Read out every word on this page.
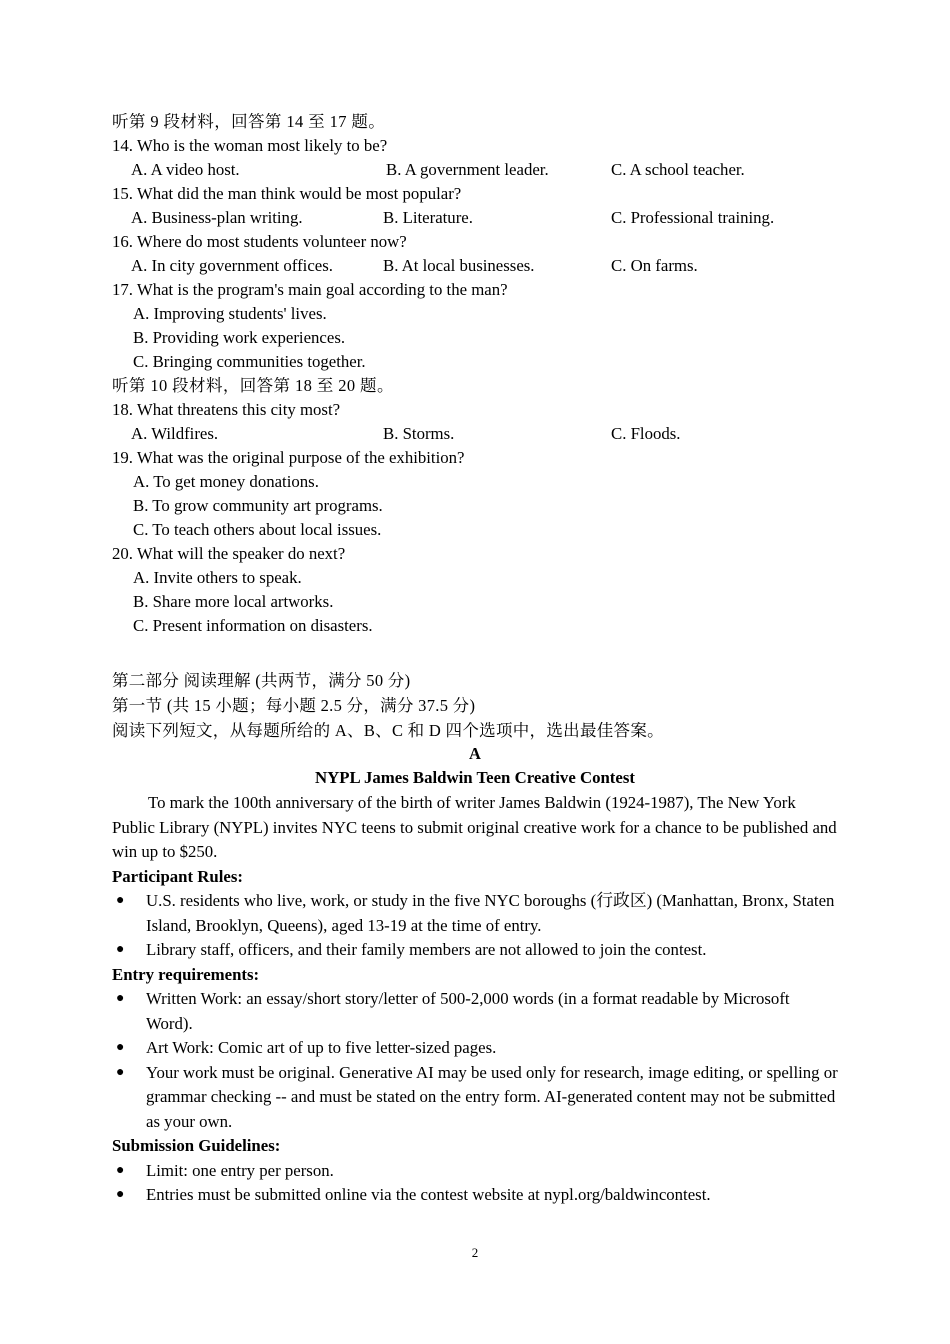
听第 9 段材料，回答第 14 至 17 题。
14. Who is the woman most likely to be?
A. A video host.	B. A government leader.	C. A school teacher.
15. What did the man think would be most popular?
A. Business-plan writing.	B. Literature.	C. Professional training.
16. Where do most students volunteer now?
A. In city government offices.	B. At local businesses.	C. On farms.
17. What is the program's main goal according to the man?
A. Improving students' lives.
B. Providing work experiences.
C. Bringing communities together.
听第 10 段材料，回答第 18 至 20 题。
18. What threatens this city most?
A. Wildfires.	B. Storms.	C. Floods.
19. What was the original purpose of the exhibition?
A. To get money donations.
B. To grow community art programs.
C. To teach others about local issues.
20. What will the speaker do next?
A. Invite others to speak.
B. Share more local artworks.
C. Present information on disasters.
第二部分 阅读理解 (共两节，满分 50 分)
第一节 (共 15 小题；每小题 2.5 分，满分 37.5 分)
阅读下列短文，从每题所给的 A、B、C 和 D 四个选项中，选出最佳答案。
A
NYPL James Baldwin Teen Creative Contest
To mark the 100th anniversary of the birth of writer James Baldwin (1924-1987), The New York Public Library (NYPL) invites NYC teens to submit original creative work for a chance to be published and win up to $250.
Participant Rules:
● U.S. residents who live, work, or study in the five NYC boroughs (行政区) (Manhattan, Bronx, Staten Island, Brooklyn, Queens), aged 13-19 at the time of entry.
● Library staff, officers, and their family members are not allowed to join the contest.
Entry requirements:
● Written Work: an essay/short story/letter of 500-2,000 words (in a format readable by Microsoft Word).
● Art Work: Comic art of up to five letter-sized pages.
● Your work must be original. Generative AI may be used only for research, image editing, or spelling or grammar checking -- and must be stated on the entry form. AI-generated content may not be submitted as your own.
Submission Guidelines:
● Limit: one entry per person.
● Entries must be submitted online via the contest website at nypl.org/baldwincontest.
2
